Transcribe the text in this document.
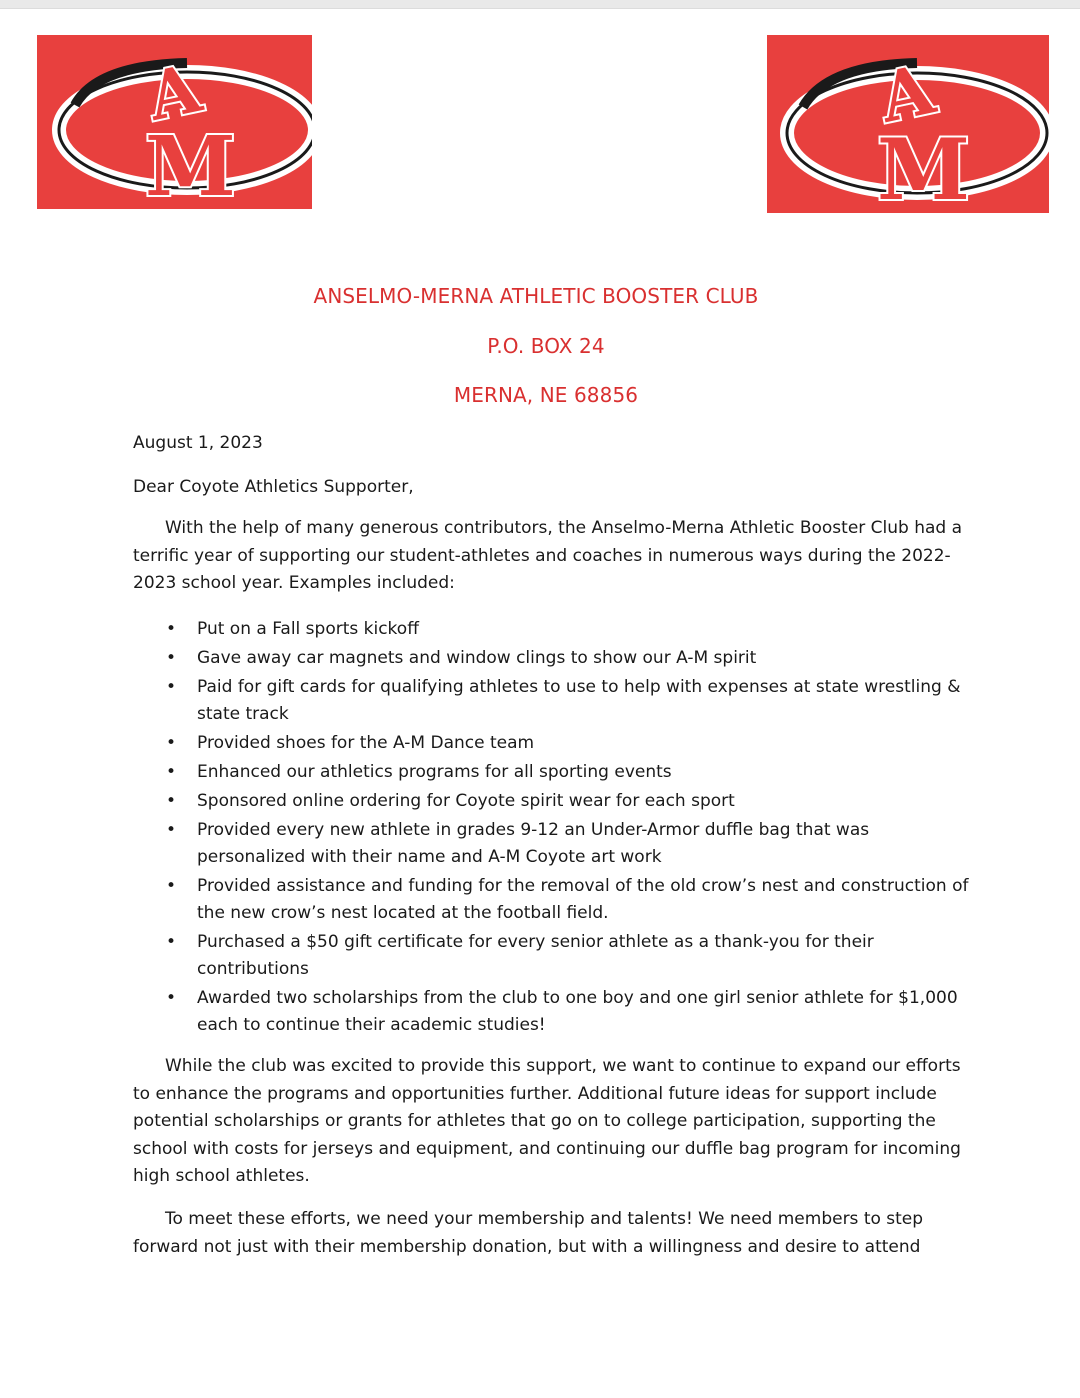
A
M
A
M
ANSELMO-MERNA ATHLETIC BOOSTER CLUB
P.O. BOX 24
MERNA, NE 68856
August 1, 2023
Dear Coyote Athletics Supporter,
With the help of many generous contributors, the Anselmo-Merna Athletic Booster Club had a terrific year of supporting our student-athletes and coaches in numerous ways during the 2022-2023 school year. Examples included:
• Put on a Fall sports kickoff
• Gave away car magnets and window clings to show our A-M spirit
• Paid for gift cards for qualifying athletes to use to help with expenses at state wrestling & state track
• Provided shoes for the A-M Dance team
• Enhanced our athletics programs for all sporting events
• Sponsored online ordering for Coyote spirit wear for each sport
• Provided every new athlete in grades 9-12 an Under-Armor duffle bag that was personalized with their name and A-M Coyote art work
• Provided assistance and funding for the removal of the old crow’s nest and construction of the new crow’s nest located at the football field.
• Purchased a $50 gift certificate for every senior athlete as a thank-you for their contributions
• Awarded two scholarships from the club to one boy and one girl senior athlete for $1,000 each to continue their academic studies!
While the club was excited to provide this support, we want to continue to expand our efforts to enhance the programs and opportunities further. Additional future ideas for support include potential scholarships or grants for athletes that go on to college participation, supporting the school with costs for jerseys and equipment, and continuing our duffle bag program for incoming high school athletes.
To meet these efforts, we need your membership and talents! We need members to step forward not just with their membership donation, but with a willingness and desire to attend
